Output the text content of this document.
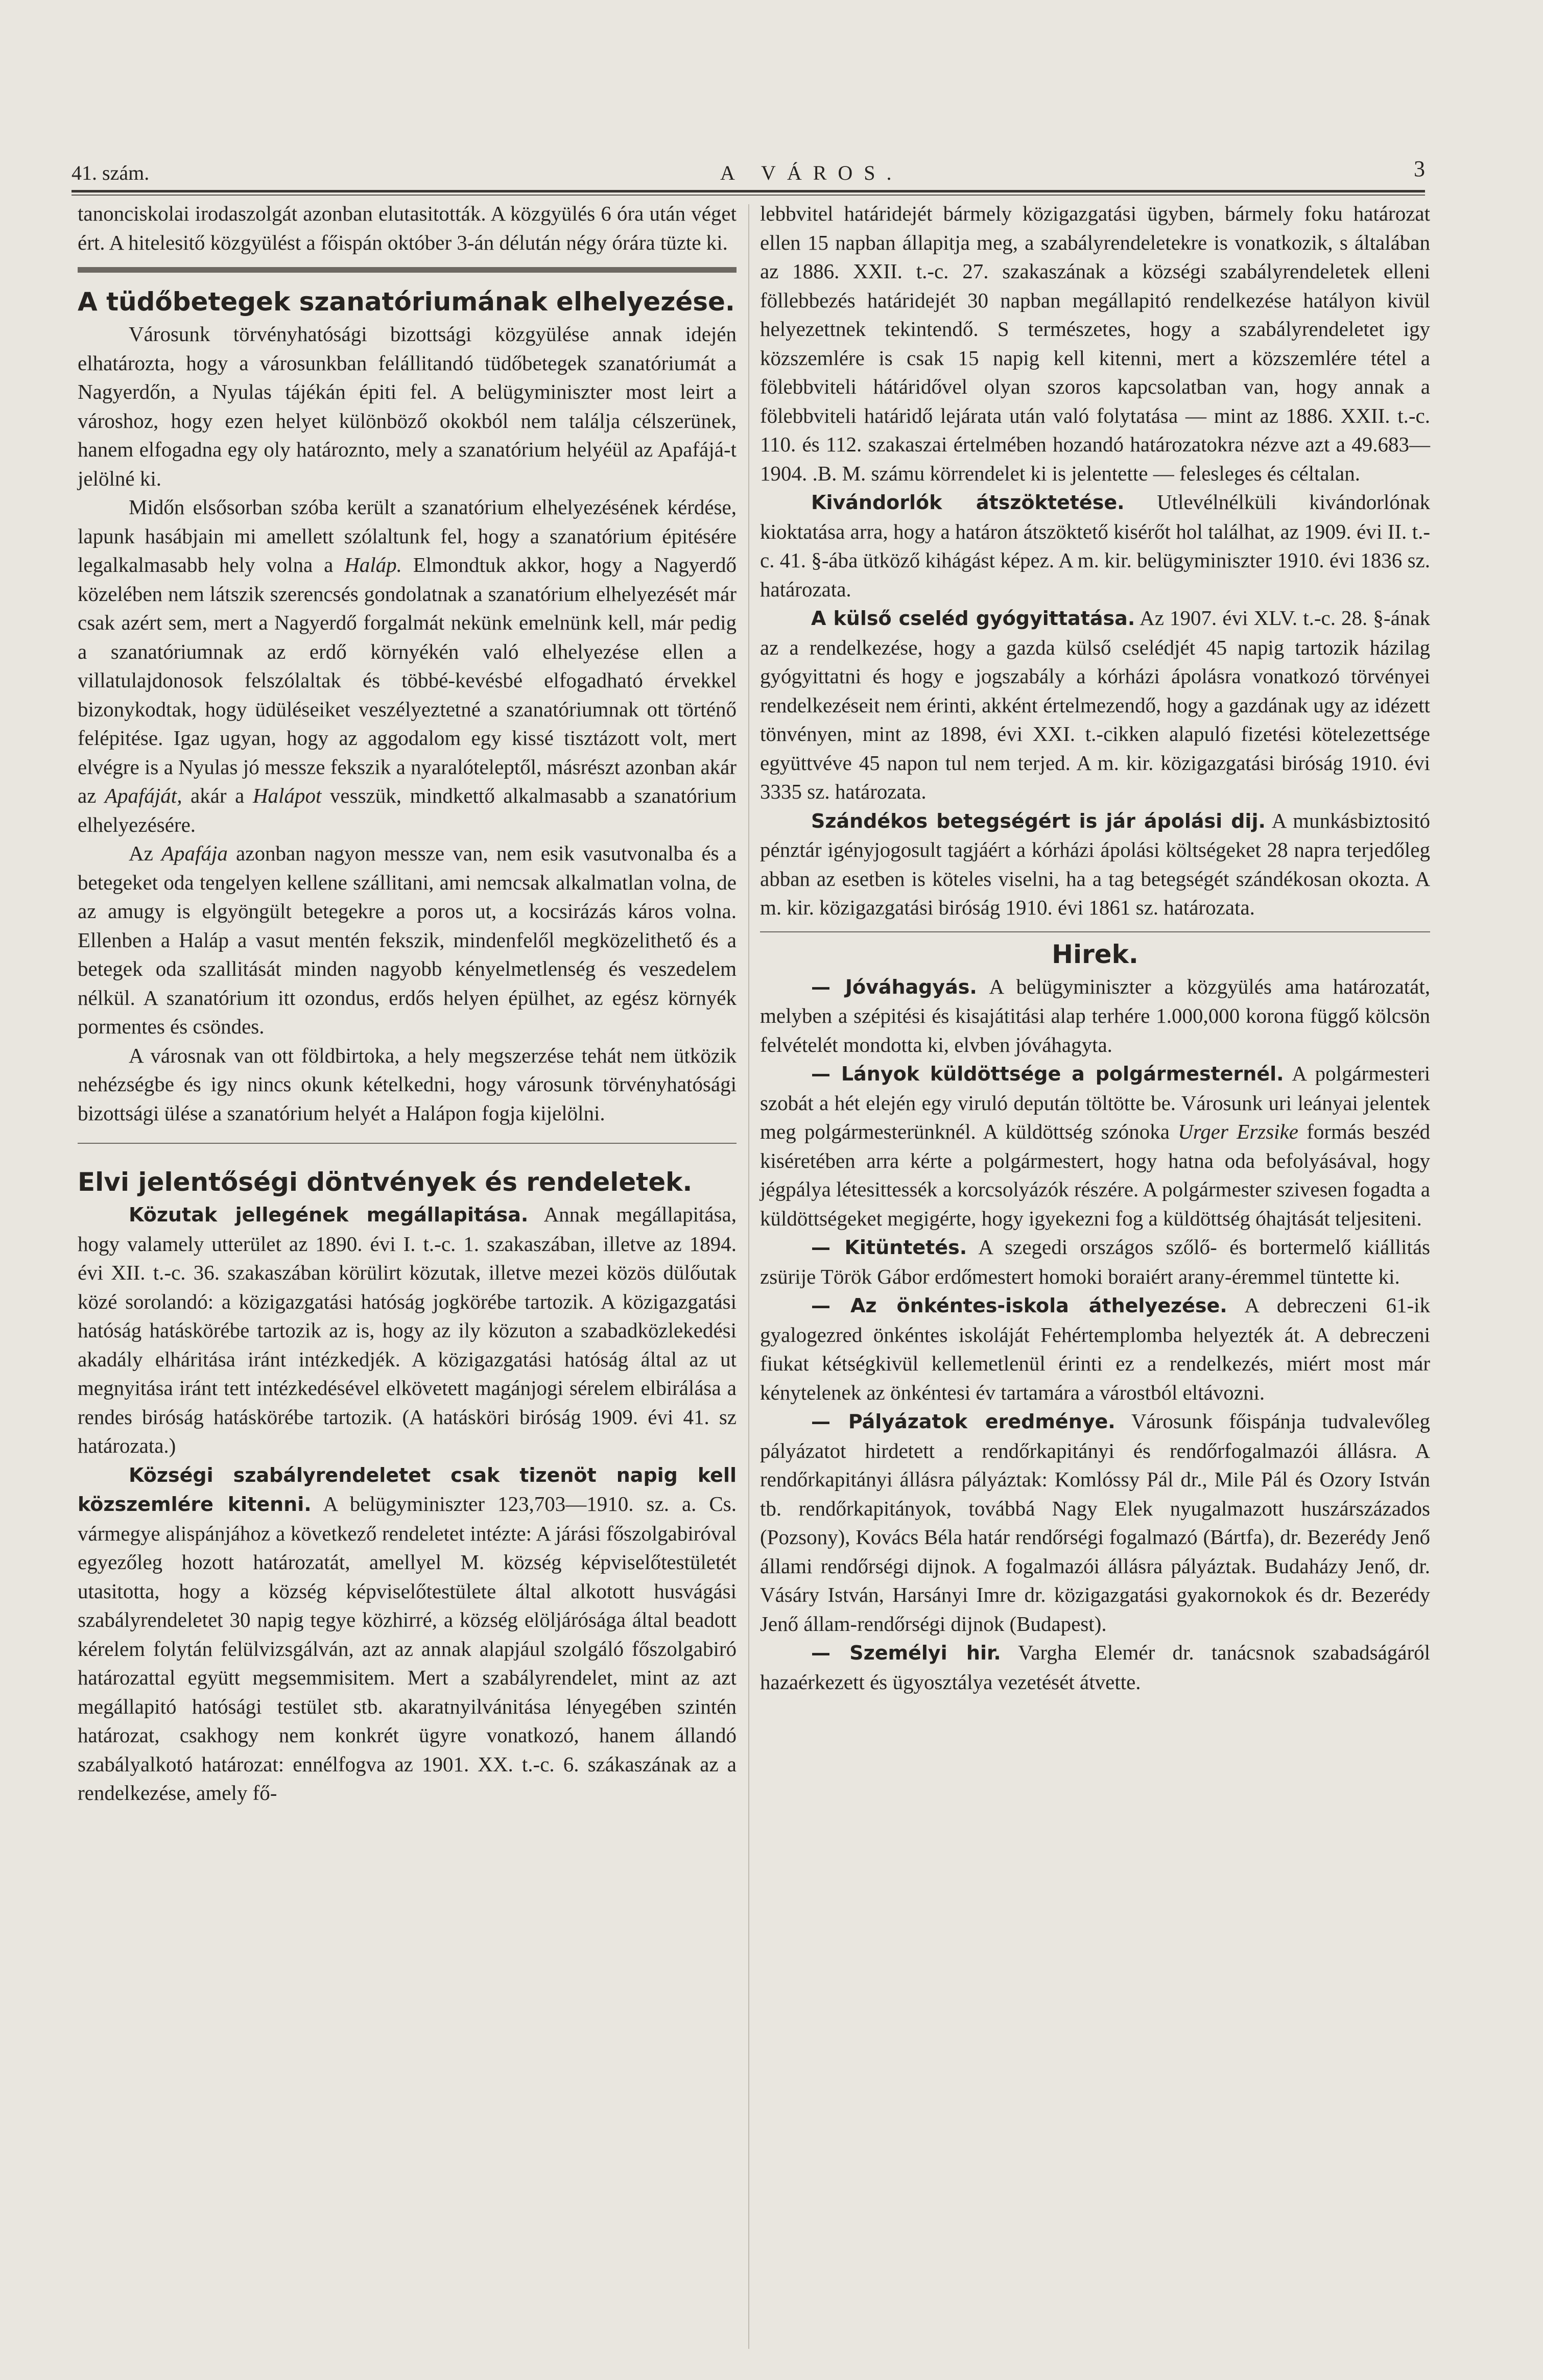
41. szám.	A VÁROS.	3

tanonciskolai irodaszolgát azonban elutasitották. A közgyülés 6 óra után véget ért. A hitelesitő közgyülést a főispán október 3-án délután négy órára tüzte ki.

A tüdőbetegek szanatóriumának elhelyezése.

Városunk törvényhatósági bizottsági közgyülése annak idején elhatározta, hogy a városunkban felállitandó tüdőbetegek szanatóriumát a Nagyerdőn, a Nyulas tájékán épiti fel. A belügyminiszter most leirt a városhoz, hogy ezen helyet különböző okokból nem találja célszerünek, hanem elfogadna egy oly határoznto, mely a szanatórium helyéül az Apafájá-t jelölné ki.

Midőn elsősorban szóba került a szanatórium elhelyezésének kérdése, lapunk hasábjain mi amellett szólaltunk fel, hogy a szanatórium épitésére legalkalmasabb hely volna a Haláp. Elmondtuk akkor, hogy a Nagyerdő közelében nem látszik szerencsés gondolatnak a szanatórium elhelyezését már csak azért sem, mert a Nagyerdő forgalmát nekünk emelnünk kell, már pedig a szanatóriumnak az erdő környékén való elhelyezése ellen a villatulajdonosok felszólaltak és többé-kevésbé elfogadható érvekkel bizonykodtak, hogy üdüléseiket veszélyeztetné a szanatóriumnak ott történő felépitése. Igaz ugyan, hogy az aggodalom egy kissé tisztázott volt, mert elvégre is a Nyulas jó messze fekszik a nyaralóteleptől, másrészt azonban akár az Apafáját, akár a Halápot vesszük, mindkettő alkalmasabb a szanatórium elhelyezésére.

Az Apafája azonban nagyon messze van, nem esik vasutvonalba és a betegeket oda tengelyen kellene szállitani, ami nemcsak alkalmatlan volna, de az amugy is elgyöngült betegekre a poros ut, a kocsirázás káros volna. Ellenben a Haláp a vasut mentén fekszik, mindenfelől megközelithető és a betegek oda szallitását minden nagyobb kényelmetlenség és veszedelem nélkül. A szanatórium itt ozondus, erdős helyen épülhet, az egész környék pormentes és csöndes.

A városnak van ott földbirtoka, a hely megszerzése tehát nem ütközik nehézségbe és igy nincs okunk kételkedni, hogy városunk törvényhatósági bizottsági ülése a szanatórium helyét a Halápon fogja kijelölni.

Elvi jelentőségi döntvények és rendeletek.

Közutak jellegének megállapitása. Annak megállapitása, hogy valamely utterület az 1890. évi I. t.-c. 1. szakaszában, illetve az 1894. évi XII. t.-c. 36. szakaszában körülirt közutak, illetve mezei közös dülőutak közé sorolandó: a közigazgatási hatóság jogkörébe tartozik. A közigazgatási hatóság hatáskörébe tartozik az is, hogy az ily közuton a szabadközlekedési akadály elháritása iránt intézkedjék. A közigazgatási hatóság által az ut megnyitása iránt tett intézkedésével elkövetett magánjogi sérelem elbirálása a rendes biróság hatáskörébe tartozik. (A hatásköri biróság 1909. évi 41. sz határozata.)

Községi szabályrendeletet csak tizenöt napig kell közszemlére kitenni. A belügyminiszter 123,703—1910. sz. a. Cs. vármegye alispánjához a következő rendeletet intézte: A járási főszolgabiróval egyezőleg hozott határozatát, amellyel M. község képviselőtestületét utasitotta, hogy a község képviselőtestülete által alkotott husvágási szabályrendeletet 30 napig tegye közhirré, a község elöljárósága által beadott kérelem folytán felülvizsgálván, azt az annak alapjául szolgáló főszolgabiró határozattal együtt megsemmisitem. Mert a szabályrendelet, mint az azt megállapitó hatósági testület stb. akaratnyilvánitása lényegében szintén határozat, csakhogy nem konkrét ügyre vonatkozó, hanem állandó szabályalkotó határozat: ennélfogva az 1901. XX. t.-c. 6. szákaszának az a rendelkezése, amely fő-

lebbvitel határidejét bármely közigazgatási ügyben, bármely foku határozat ellen 15 napban állapitja meg, a szabályrendeletekre is vonatkozik, s általában az 1886. XXII. t.-c. 27. szakaszának a községi szabályrendeletek elleni föllebbezés határidejét 30 napban megállapitó rendelkezése hatályon kivül helyezettnek tekintendő. S természetes, hogy a szabályrendeletet igy közszemlére is csak 15 napig kell kitenni, mert a közszemlére tétel a fölebbviteli hátáridővel olyan szoros kapcsolatban van, hogy annak a fölebbviteli határidő lejárata után való folytatása — mint az 1886. XXII. t.-c. 110. és 112. szakaszai értelmében hozandó határozatokra nézve azt a 49.683—1904. .B. M. számu körrendelet ki is jelentette — felesleges és céltalan.

Kivándorlók átszöktetése. Utlevélnélküli kivándorlónak kioktatása arra, hogy a határon átszöktető kisérőt hol találhat, az 1909. évi II. t.-c. 41. §-ába ütköző kihágást képez. A m. kir. belügyminiszter 1910. évi 1836 sz. határozata.

A külső cseléd gyógyittatása. Az 1907. évi XLV. t.-c. 28. §-ának az a rendelkezése, hogy a gazda külső cselédjét 45 napig tartozik házilag gyógyittatni és hogy e jogszabály a kórházi ápolásra vonatkozó törvényei rendelkezéseit nem érinti, akként értelmezendő, hogy a gazdának ugy az idézett tönvényen, mint az 1898, évi XXI. t.-cikken alapuló fizetési kötelezettsége együttvéve 45 napon tul nem terjed. A m. kir. közigazgatási biróság 1910. évi 3335 sz. határozata.

Szándékos betegségért is jár ápolási dij. A munkásbiztositó pénztár igényjogosult tagjáért a kórházi ápolási költségeket 28 napra terjedőleg abban az esetben is köteles viselni, ha a tag betegségét szándékosan okozta. A m. kir. közigazgatási biróság 1910. évi 1861 sz. határozata.

Hirek.

— Jóváhagyás. A belügyminiszter a közgyülés ama határozatát, melyben a szépitési és kisajátitási alap terhére 1.000,000 korona függő kölcsön felvételét mondotta ki, elvben jóváhagyta.

— Lányok küldöttsége a polgármesternél. A polgármesteri szobát a hét elején egy viruló depután töltötte be. Városunk uri leányai jelentek meg polgármesterünknél. A küldöttség szónoka Urger Erzsike formás beszéd kiséretében arra kérte a polgármestert, hogy hatna oda befolyásával, hogy jégpálya létesittessék a korcsolyázók részére. A polgármester szivesen fogadta a küldöttségeket megigérte, hogy igyekezni fog a küldöttség óhajtását teljesiteni.

— Kitüntetés. A szegedi országos szőlő- és bortermelő kiállitás zsürije Török Gábor erdőmestert homoki boraiért arany-éremmel tüntette ki.

— Az önkéntes-iskola áthelyezése. A debreczeni 61-ik gyalogezred önkéntes iskoláját Fehértemplomba helyezték át. A debreczeni fiukat kétségkivül kellemetlenül érinti ez a rendelkezés, miért most már kénytelenek az önkéntesi év tartamára a várostból eltávozni.

— Pályázatok eredménye. Városunk főispánja tudvalevőleg pályázatot hirdetett a rendőrkapitányi és rendőrfogalmazói állásra. A rendőrkapitányi állásra pályáztak: Komlóssy Pál dr., Mile Pál és Ozory István tb. rendőrkapitányok, továbbá Nagy Elek nyugalmazott huszárszázados (Pozsony), Kovács Béla határ rendőrségi fogalmazó (Bártfa), dr. Bezerédy Jenő állami rendőrségi dijnok. A fogalmazói állásra pályáztak. Budaházy Jenő, dr. Vásáry István, Harsányi Imre dr. közigazgatási gyakornokok és dr. Bezerédy Jenő állam-rendőrségi dijnok (Budapest).

— Személyi hir. Vargha Elemér dr. tanácsnok szabadságáról hazaérkezett és ügyosztálya vezetését átvette.
